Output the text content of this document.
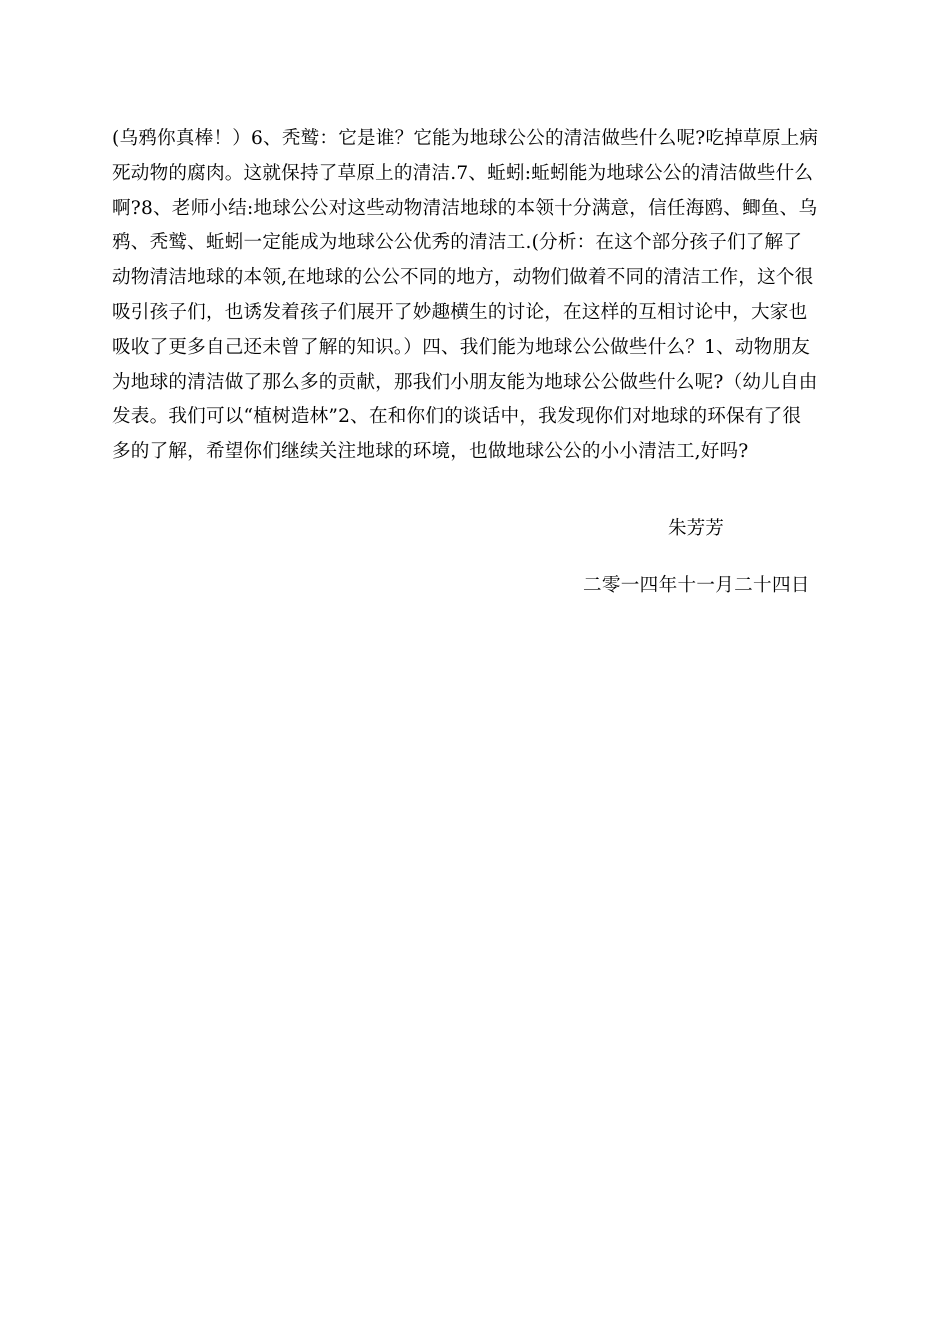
(乌鸦你真棒！）6、秃鹫：它是谁？它能为地球公公的清洁做些什么呢?吃掉草原上病
死动物的腐肉。这就保持了草原上的清洁.7、蚯蚓:蚯蚓能为地球公公的清洁做些什么
啊?8、老师小结:地球公公对这些动物清洁地球的本领十分满意，信任海鸥、鲫鱼、乌
鸦、秃鹫、蚯蚓一定能成为地球公公优秀的清洁工.(分析：在这个部分孩子们了解了
动物清洁地球的本领,在地球的公公不同的地方，动物们做着不同的清洁工作，这个很
吸引孩子们，也诱发着孩子们展开了妙趣横生的讨论，在这样的互相讨论中，大家也
吸收了更多自己还未曾了解的知识。）四、我们能为地球公公做些什么？1、动物朋友
为地球的清洁做了那么多的贡献，那我们小朋友能为地球公公做些什么呢?（幼儿自由
发表。我们可以“植树造林”2、在和你们的谈话中，我发现你们对地球的环保有了很
多的了解，希望你们继续关注地球的环境，也做地球公公的小小清洁工,好吗?
朱芳芳
二零一四年十一月二十四日
